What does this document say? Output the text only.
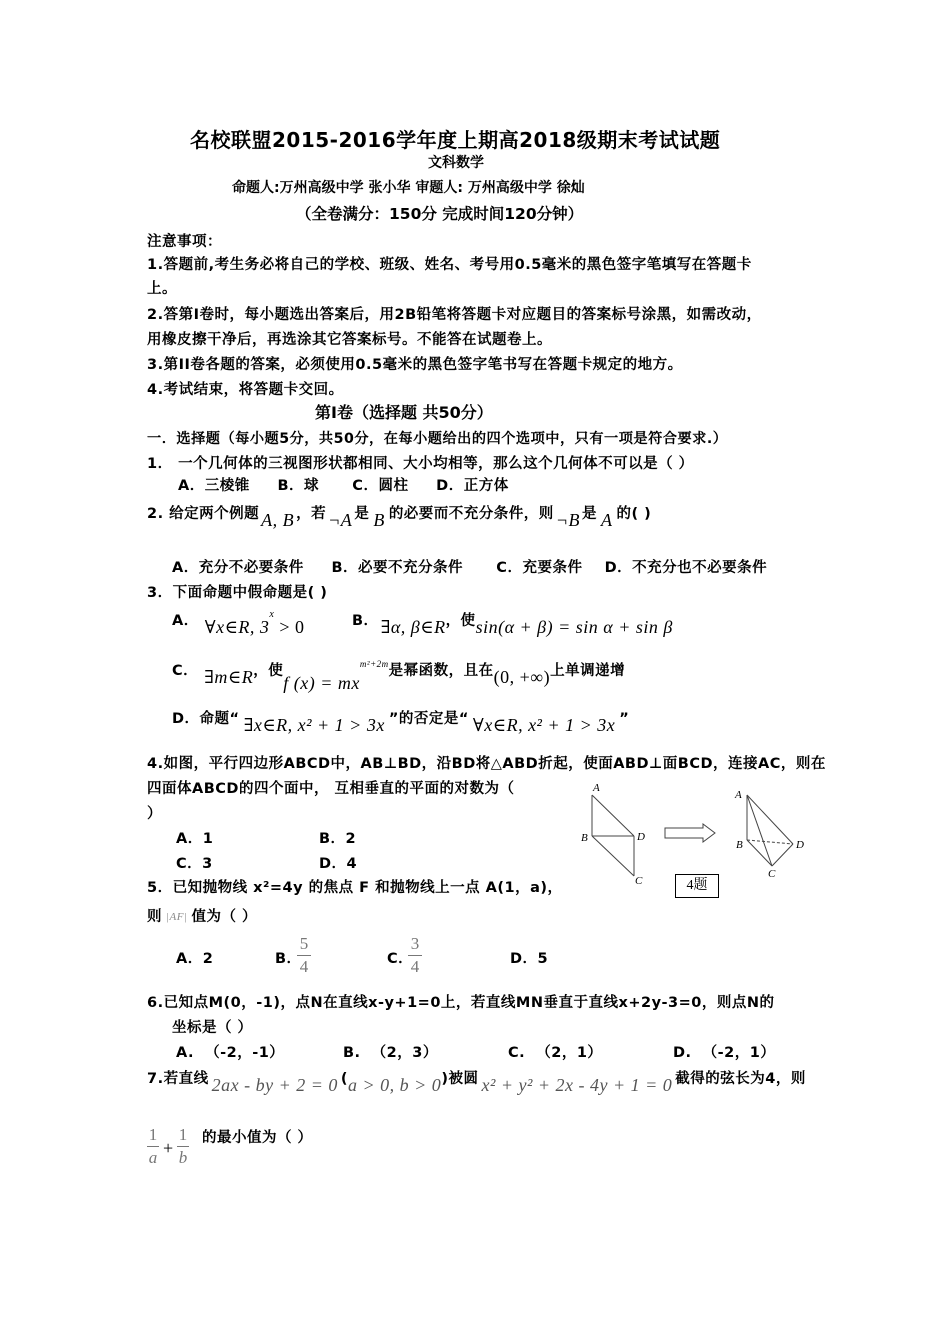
名校联盟2015-2016学年度上期高2018级期末考试试题
文科数学
命题人:万州高级中学 张小华 审题人: 万州高级中学 徐灿
（全卷满分：150分 完成时间120分钟）
注意事项：
1.答题前,考生务必将自己的学校、班级、姓名、考号用0.5毫米的黑色签字笔填写在答题卡
上。
2.答第I卷时，每小题选出答案后，用2B铅笔将答题卡对应题目的答案标号涂黑，如需改动，
用橡皮擦干净后，再选涂其它答案标号。不能答在试题卷上。
3.第II卷各题的答案，必须使用0.5毫米的黑色签字笔书写在答题卡规定的地方。
4.考试结束，将答题卡交回。
第I卷（选择题 共50分）
一．选择题（每小题5分，共50分，在每小题给出的四个选项中，只有一项是符合要求.）
1． 一个几何体的三视图形状都相同、大小均相等，那么这个几何体不可以是（ ）
A．三棱锥     B．球      C．圆柱     D．正方体
2. 给定两个例题 A, B ，若 ¬A 是 B 的必要而不充分条件，则 ¬B 是 A 的( )
A．充分不必要条件     B．必要不充分条件      C．充要条件    D．不充分也不必要条件
3．下面命题中假命题是( )
A． ∀x∈R, $3^x > 0$	B． ∃α, β∈R，使sin(α + β) = sin α + sin β
C． ∃m∈R，使f $(x) = mx^{m^2+2m}$是幂函数，且在(0, +∞)上单调递增
D．命题“ ∃x∈R, x² + 1 > 3x ”的否定是“ ∀x∈R, x² + 1 > 3x ”
4.如图，平行四边形ABCD中，AB⊥BD，沿BD将△ABD折起，使面ABD⊥面BCD，连接AC，则在
四面体ABCD的四个面中， 互相垂直的平面的对数为（
）
A．1	B．2
C．3	D．4
A
B	D
C
A
B	D
C
4题
5．已知抛物线 x²=4y 的焦点 F 和抛物线上一点 A(1，a)，
则 |AF| 值为（ ）
A．2	B．
5
4	C．
3
4	D．5
6.已知点M(0，-1)，点N在直线x-y+1=0上，若直线MN垂直于直线x+2y-3=0，则点N的
坐标是（ ）
A.  （-2，-1）	B.  （2，3）	C.  （2，1）	D.  （-2，1）
7.若直线 2ax - by + 2 = 0 (a > 0, b > 0)被圆 x² + y² + 2x - 4y + 1 = 0 截得的弦长为4，则
1
a +
1
b
的最小值为（ ）
